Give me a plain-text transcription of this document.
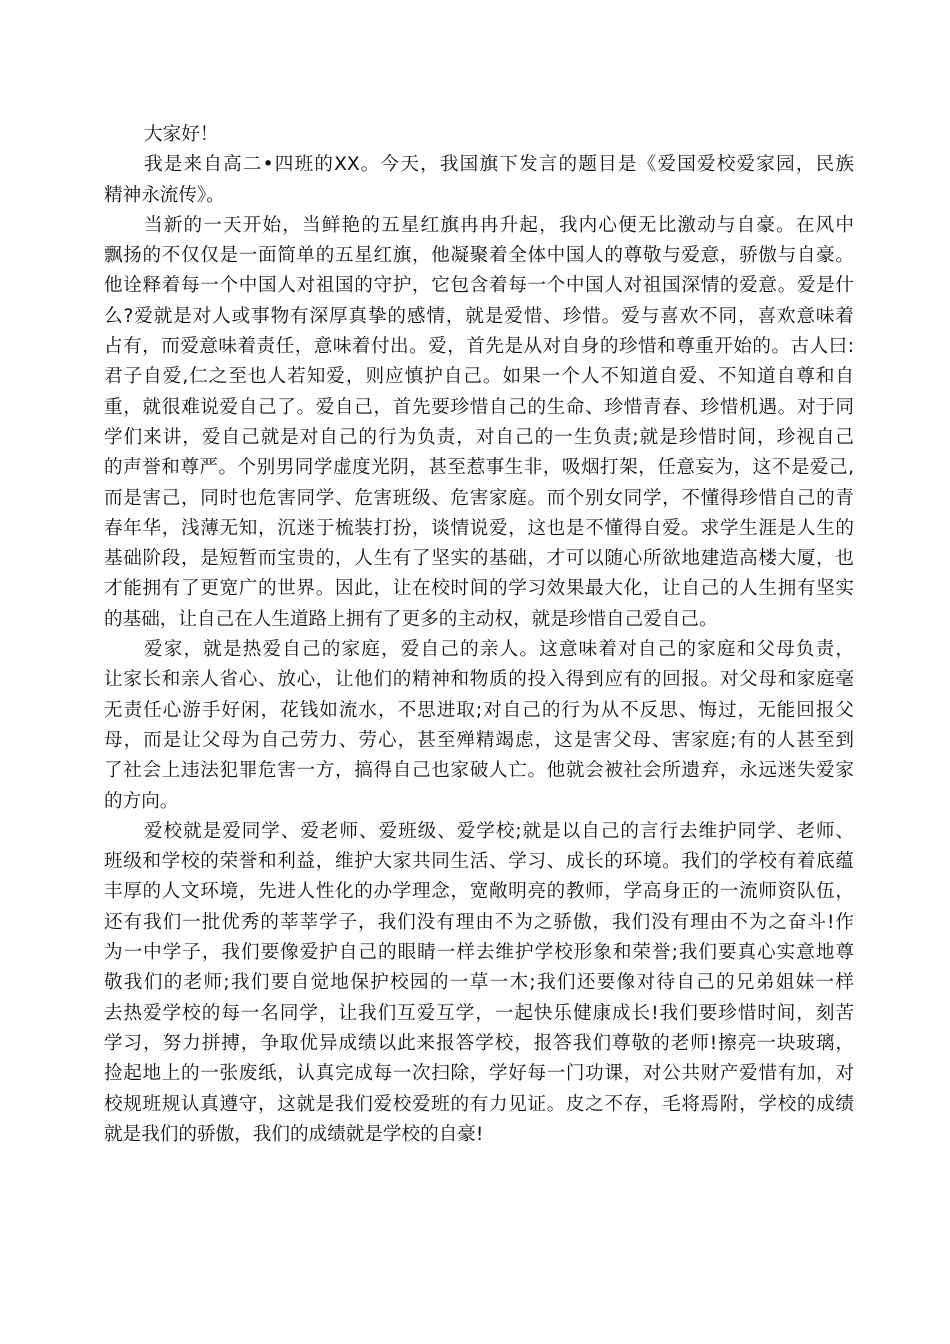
大家好！
我是来自高二•四班的XX。今天，我国旗下发言的题目是《爱国爱校爱家园，民族
精神永流传》。
当新的一天开始，当鲜艳的五星红旗冉冉升起，我内心便无比激动与自豪。在风中
飘扬的不仅仅是一面简单的五星红旗，他凝聚着全体中国人的尊敬与爱意，骄傲与自豪。
他诠释着每一个中国人对祖国的守护，它包含着每一个中国人对祖国深情的爱意。爱是什
么?爱就是对人或事物有深厚真挚的感情，就是爱惜、珍惜。爱与喜欢不同，喜欢意味着
占有，而爱意味着责任，意味着付出。爱，首先是从对自身的珍惜和尊重开始的。古人曰:
君子自爱,仁之至也人若知爱，则应慎护自己。如果一个人不知道自爱、不知道自尊和自
重，就很难说爱自己了。爱自己，首先要珍惜自己的生命、珍惜青春、珍惜机遇。对于同
学们来讲，爱自己就是对自己的行为负责，对自己的一生负责;就是珍惜时间，珍视自己
的声誉和尊严。个别男同学虚度光阴，甚至惹事生非，吸烟打架，任意妄为，这不是爱己,
而是害己，同时也危害同学、危害班级、危害家庭。而个别女同学，不懂得珍惜自己的青
春年华，浅薄无知，沉迷于梳装打扮，谈情说爱，这也是不懂得自爱。求学生涯是人生的
基础阶段，是短暂而宝贵的，人生有了坚实的基础，才可以随心所欲地建造高楼大厦，也
才能拥有了更宽广的世界。因此，让在校时间的学习效果最大化，让自己的人生拥有坚实
的基础，让自己在人生道路上拥有了更多的主动权，就是珍惜自己爱自己。
爱家，就是热爱自己的家庭，爱自己的亲人。这意味着对自己的家庭和父母负责，
让家长和亲人省心、放心，让他们的精神和物质的投入得到应有的回报。对父母和家庭毫
无责任心游手好闲，花钱如流水，不思进取;对自己的行为从不反思、悔过，无能回报父
母，而是让父母为自己劳力、劳心，甚至殚精竭虑，这是害父母、害家庭;有的人甚至到
了社会上违法犯罪危害一方，搞得自己也家破人亡。他就会被社会所遗弃，永远迷失爱家
的方向。
爱校就是爱同学、爱老师、爱班级、爱学校;就是以自己的言行去维护同学、老师、
班级和学校的荣誉和利益，维护大家共同生活、学习、成长的环境。我们的学校有着底蕴
丰厚的人文环境，先进人性化的办学理念，宽敞明亮的教师，学高身正的一流师资队伍，
还有我们一批优秀的莘莘学子，我们没有理由不为之骄傲，我们没有理由不为之奋斗!作
为一中学子，我们要像爱护自己的眼睛一样去维护学校形象和荣誉;我们要真心实意地尊
敬我们的老师;我们要自觉地保护校园的一草一木;我们还要像对待自己的兄弟姐妹一样
去热爱学校的每一名同学，让我们互爱互学，一起快乐健康成长!我们要珍惜时间，刻苦
学习，努力拼搏，争取优异成绩以此来报答学校，报答我们尊敬的老师!擦亮一块玻璃，
捡起地上的一张废纸，认真完成每一次扫除，学好每一门功课，对公共财产爱惜有加，对
校规班规认真遵守，这就是我们爱校爱班的有力见证。皮之不存，毛将焉附，学校的成绩
就是我们的骄傲，我们的成绩就是学校的自豪!
